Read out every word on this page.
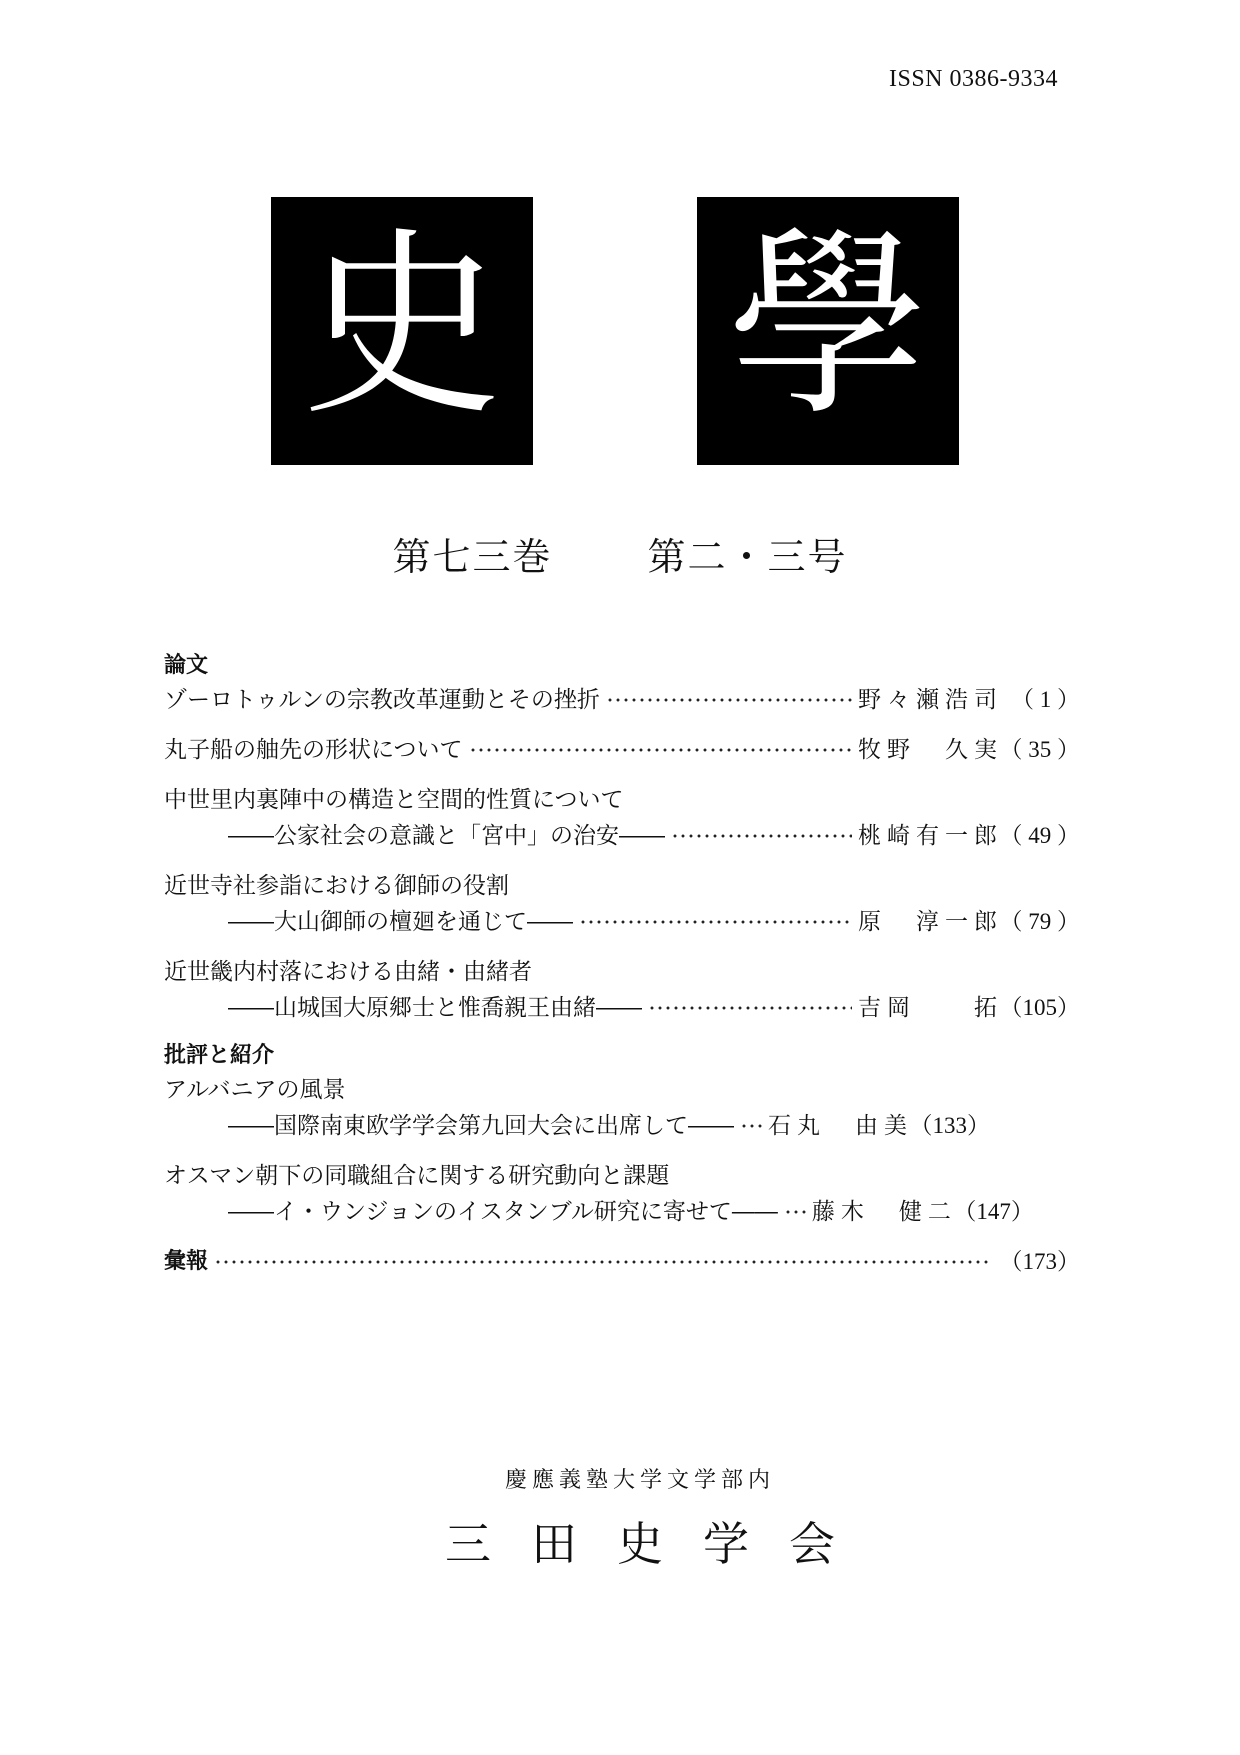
ISSN 0386-9334
史 學
第七三巻	第二・三号
論文
ゾーロトゥルンの宗教改革運動とその挫折	野々瀬浩司 （ 1 ）
丸子船の舳先の形状について	牧野　久実 （ 35 ）
中世里内裏陣中の構造と空間的性質について
――公家社会の意識と「宮中」の治安――	桃崎有一郎 （ 49 ）
近世寺社参詣における御師の役割
――大山御師の檀廻を通じて――	原　淳一郎 （ 79 ）
近世畿内村落における由緒・由緒者
――山城国大原郷士と惟喬親王由緒――	吉岡　　拓 （105）
批評と紹介
アルバニアの風景
――国際南東欧学学会第九回大会に出席して―― 石丸　由美 （133）
オスマン朝下の同職組合に関する研究動向と課題
――イ・ウンジョンのイスタンブル研究に寄せて―― 藤木　健二 （147）
彙報	（173）
慶應義塾大学文学部内
三田史学会
